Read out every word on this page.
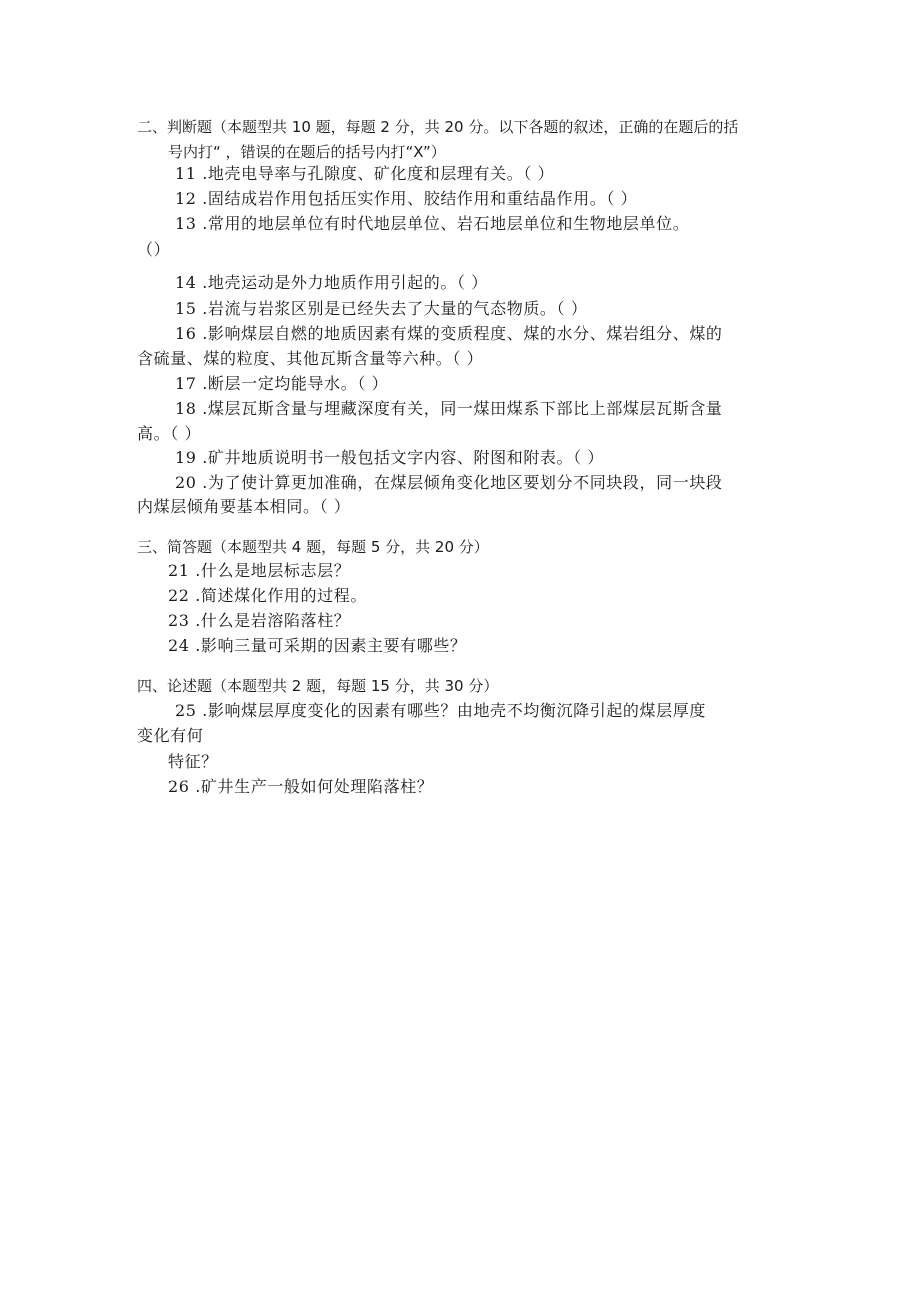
二、判断题（本题型共 10 题，每题 2 分，共 20 分。以下各题的叙述，正确的在题后的括
号内打“ ，错误的在题后的括号内打“X”）
11 .地壳电导率与孔隙度、矿化度和层理有关。（ ）
12 .固结成岩作用包括压实作用、胶结作用和重结晶作用。（ ）
13 .常用的地层单位有时代地层单位、岩石地层单位和生物地层单位。
（）
14 .地壳运动是外力地质作用引起的。（ ）
15 .岩流与岩浆区别是已经失去了大量的气态物质。（ ）
16 .影响煤层自燃的地质因素有煤的变质程度、煤的水分、煤岩组分、煤的
含硫量、煤的粒度、其他瓦斯含量等六种。（ ）
17 .断层一定均能导水。（ ）
18 .煤层瓦斯含量与埋藏深度有关，同一煤田煤系下部比上部煤层瓦斯含量
高。（ ）
19 .矿井地质说明书一般包括文字内容、附图和附表。（ ）
20 .为了使计算更加准确，在煤层倾角变化地区要划分不同块段，同一块段
内煤层倾角要基本相同。（ ）
三、简答题（本题型共 4 题，每题 5 分，共 20 分）
21 .什么是地层标志层？
22 .简述煤化作用的过程。
23 .什么是岩溶陷落柱？
24 .影响三量可采期的因素主要有哪些？
四、论述题（本题型共 2 题，每题 15 分，共 30 分）
25 .影响煤层厚度变化的因素有哪些？由地壳不均衡沉降引起的煤层厚度
变化有何
特征？
26 .矿井生产一般如何处理陷落柱？
